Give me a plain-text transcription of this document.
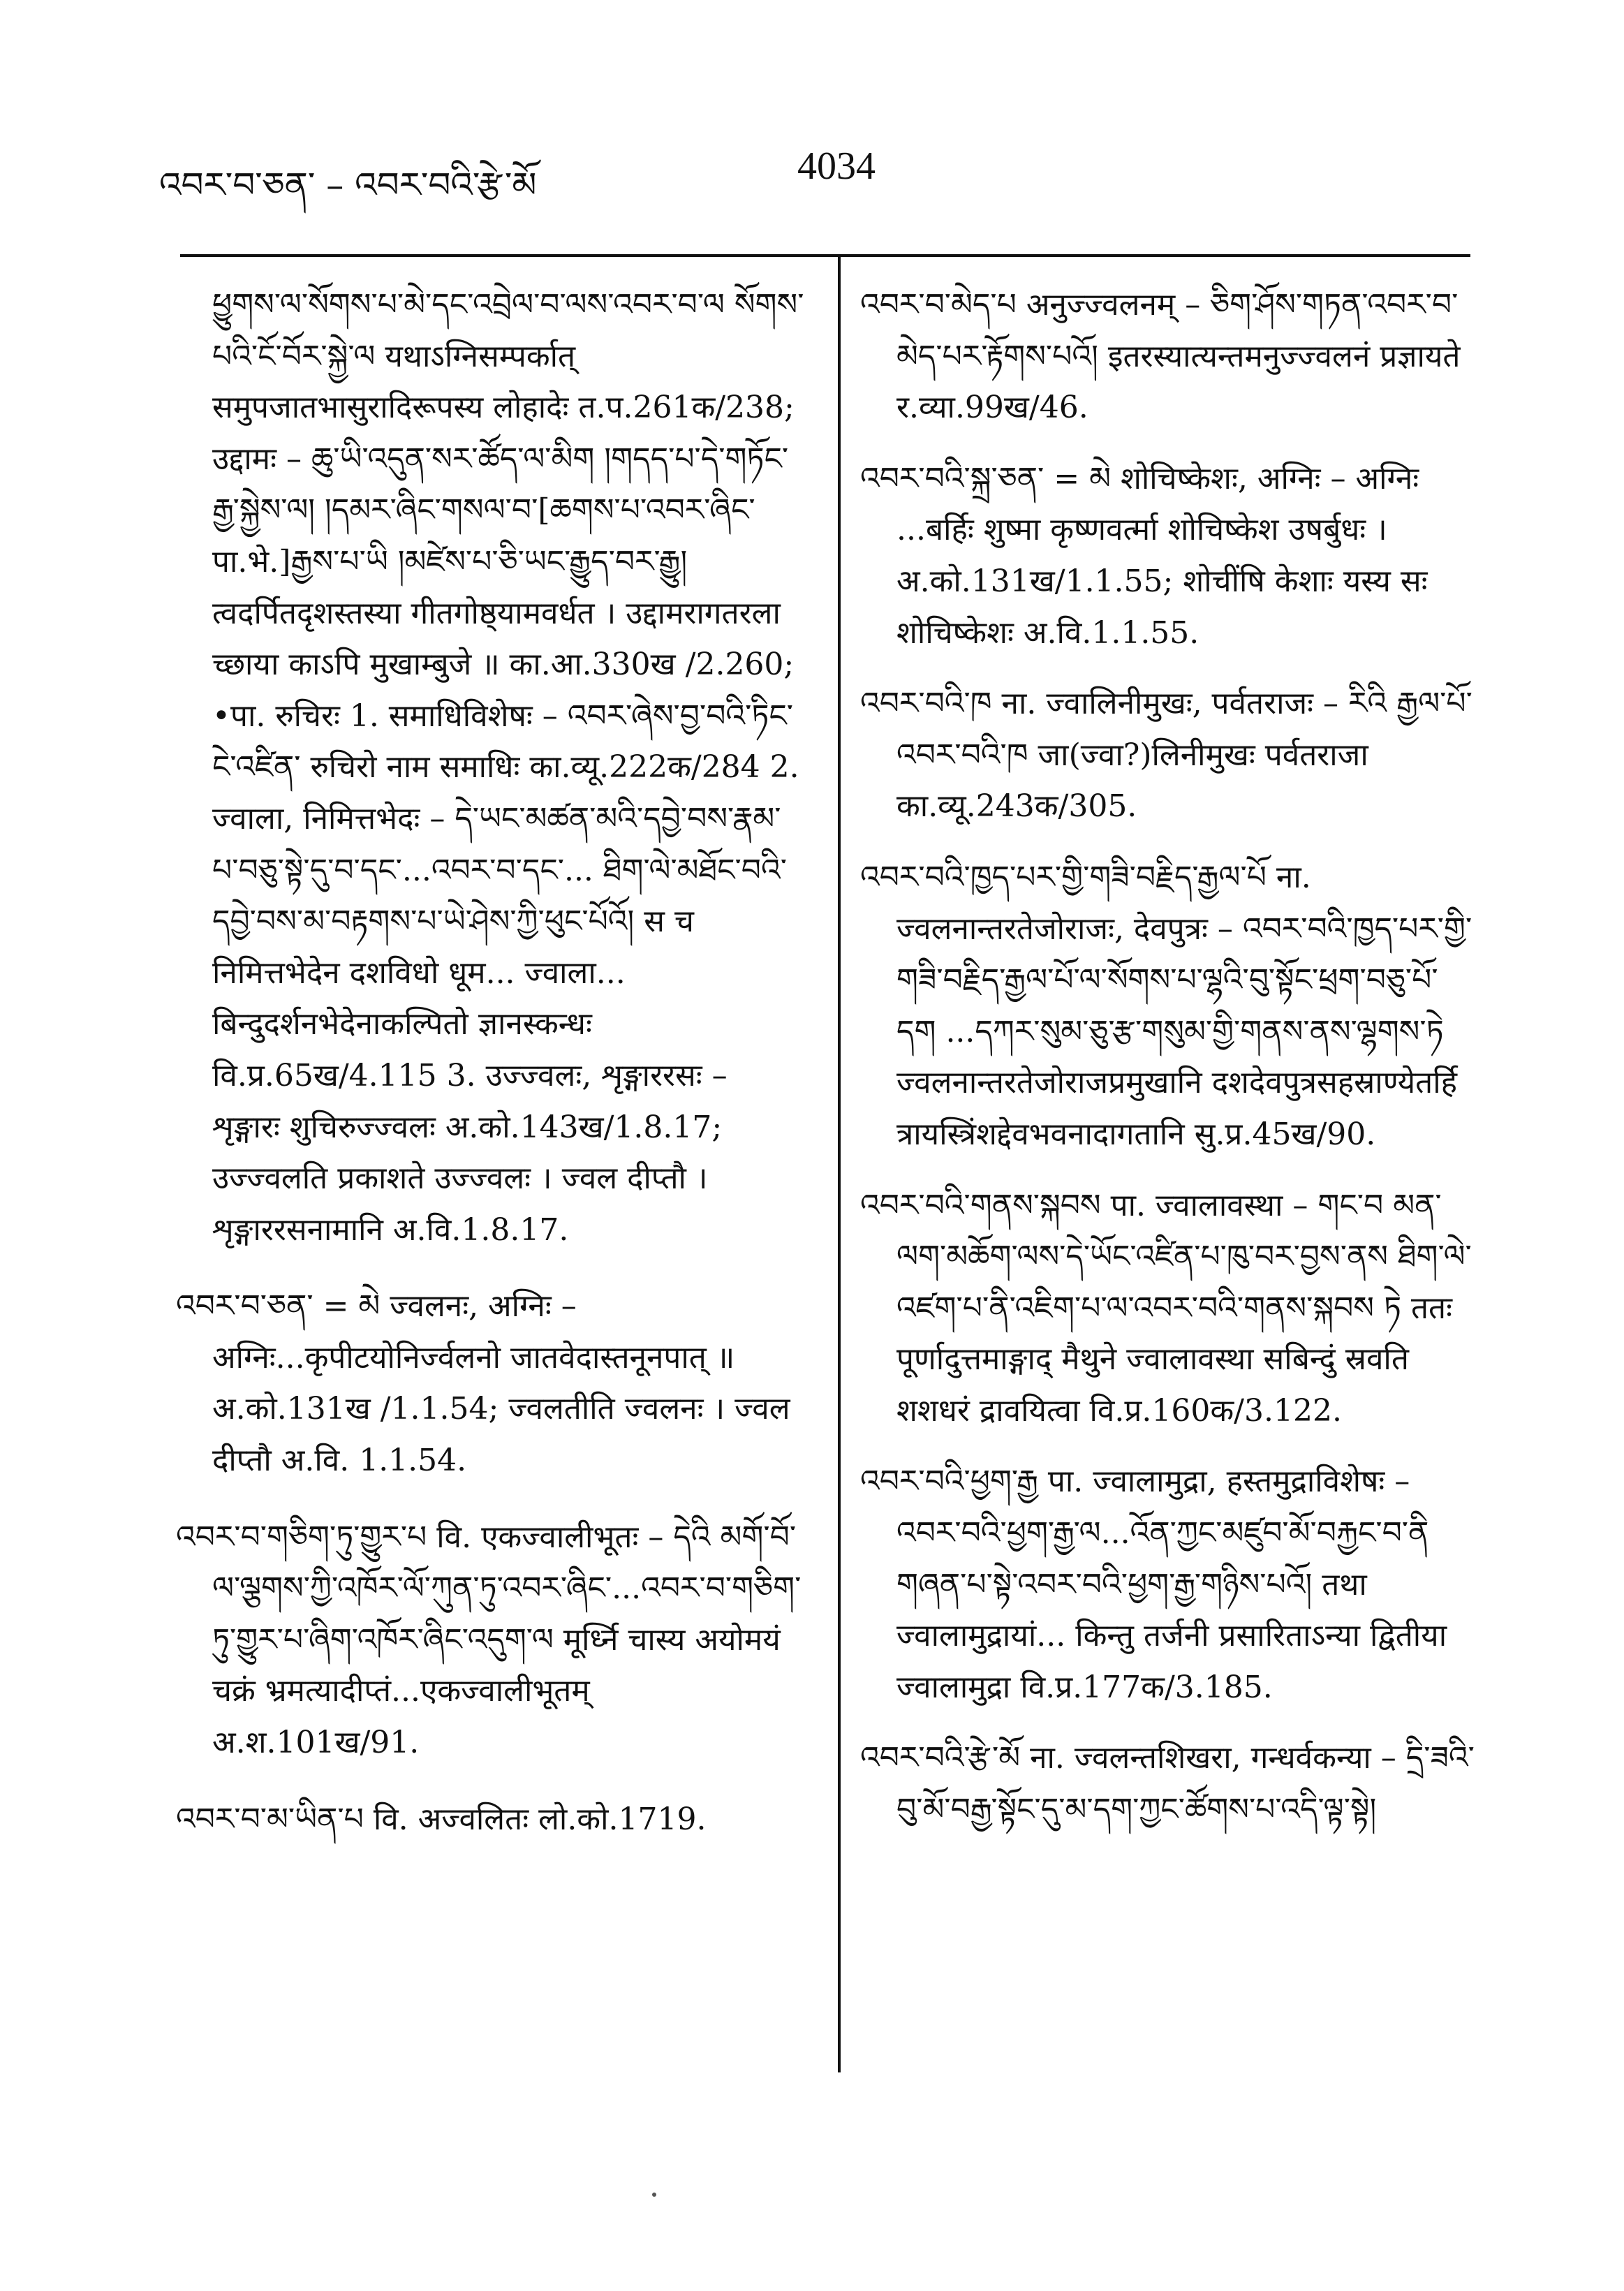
འབར་བ་ཅན་ – འབར་བའི་རྩེ་མོ	4034

ཕྱུགས་ལ་སོགས་པ་མེ་དང་འབྲེལ་བ་ལས་འབར་བ་ལ སོགས་པའི་ངོ་བོར་སྐྱེ་ལ यथाऽग्निसम्पर्कात् समुपजातभासुरादिरूपस्य लोहादेः त.प.261क/238; उद्दामः – ཆུ་ཡི་འདུན་སར་ཚོད་ལ་མིག །གདད་པ་དེ་གཏོང་རྒྱ་སྐྱེས་ལ། །དམར་ཞིང་གསལ་བ་[ཆགས་པ་འབར་ཞིང་ पा.भे.]རྒྱས་པ་ཡི །མཛེས་པ་ཅི་ཡང་རྒྱུད་བར་རྒྱུ། त्वदर्पितदृशस्तस्या गीतगोष्ठ्यामवर्धत । उद्दामरागतरला च्छाया काऽपि मुखाम्बुजे ॥ का.आ.330ख /2.260; •पा. रुचिरः 1. समाधिविशेषः – འབར་ཞེས་བྱ་བའི་ཏིང་ངེ་འཛིན་ रुचिरो नाम समाधिः का.व्यू.222क/284 2. ज्वाला, निमित्तभेदः – དེ་ཡང་མཚན་མའི་དབྱེ་བས་རྣམ་པ་བཅུ་སྟེ་དུ་བ་དང་...འབར་བ་དང་... ཐིག་ལེ་མཐོང་བའི་དབྱེ་བས་མ་བརྟགས་པ་ཡེ་ཤེས་ཀྱི་ཕུང་པོའོ། स च निमित्तभेदेन दशविधो धूम... ज्वाला... बिन्दुदर्शनभेदेनाकल्पितो ज्ञानस्कन्धः वि.प्र.65ख/4.115 3. उज्ज्वलः, शृङ्गाररसः – शृङ्गारः शुचिरुज्ज्वलः अ.को.143ख/1.8.17; उज्ज्वलति प्रकाशते उज्ज्वलः । ज्वल दीप्तौ । शृङ्गाररसनामानि अ.वि.1.8.17.

འབར་བ་ཅན་ = མེ ज्वलनः, अग्निः – अग्निः...कृपीटयोनिर्ज्वलनो जातवेदास्तनूनपात् ॥ अ.को.131ख /1.1.54; ज्वलतीति ज्वलनः । ज्वल दीप्तौ अ.वि. 1.1.54.

འབར་བ་གཅིག་ཏུ་གྱུར་པ वि. एकज्वालीभूतः – དེའི མགོ་བོ་ལ་ལྕགས་ཀྱི་འཁོར་ལོ་ཀུན་ཏུ་འབར་ཞིང་...འབར་བ་གཅིག་ཏུ་གྱུར་པ་ཞིག་འཁོར་ཞིང་འདུག་ལ मूर्ध्नि चास्य अयोमयं चक्रं भ्रमत्यादीप्तं...एकज्वालीभूतम् अ.श.101ख/91.

འབར་བ་མ་ཡིན་པ वि. अज्वलितः लो.को.1719.

འབར་བ་མེད་པ अनुज्ज्वलनम् – ཅིག་ཤོས་གཏན་འབར་བ་མེད་པར་རྟོགས་པའོ། इतरस्यात्यन्तमनुज्ज्वलनं प्रज्ञायते र.व्या.99ख/46.

འབར་བའི་སྐྲ་ཅན་ = མེ शोचिष्केशः, अग्निः – अग्निः ...बर्हिः शुष्मा कृष्णवर्त्मा शोचिष्केश उषर्बुधः । अ.को.131ख/1.1.55; शोचींषि केशाः यस्य सः शोचिष्केशः अ.वि.1.1.55.

འབར་བའི་ཁ ना. ज्वालिनीमुखः, पर्वतराजः – རིའི རྒྱལ་པོ་འབར་བའི་ཁ जा(ज्वा?)लिनीमुखः पर्वतराजा का.व्यू.243क/305.

འབར་བའི་ཁྱད་པར་གྱི་གཟི་བརྗིད་རྒྱལ་པོ ना. ज्वलनान्तरतेजोराजः, देवपुत्रः – འབར་བའི་ཁྱད་པར་གྱི་གཟི་བརྗིད་རྒྱལ་པོ་ལ་སོགས་པ་ལྷའི་བུ་སྟོང་ཕྲག་བཅུ་པོ་དག ...དཀར་སུམ་ཅུ་རྩ་གསུམ་གྱི་གནས་ནས་ལྷགས་ཏེ ज्वलनान्तरतेजोराजप्रमुखानि दशदेवपुत्रसहस्राण्येतर्हि त्रायस्त्रिंशद्देवभवनादागतानि सु.प्र.45ख/90.

འབར་བའི་གནས་སྐབས पा. ज्वालावस्था – གང་བ མན་ལག་མཆོག་ལས་དེ་ཡོང་འཛིན་པ་ཁུ་བར་བྱས་ནས ཐིག་ལེ་འཛག་པ་ནི་འཇིག་པ་ལ་འབར་བའི་གནས་སྐབས ཏེ ततः पूर्णादुत्तमाङ्गाद् मैथुने ज्वालावस्था सबिन्दुं स्रवति शशधरं द्रावयित्वा वि.प्र.160क/3.122.

འབར་བའི་ཕྱག་རྒྱ पा. ज्वालामुद्रा, हस्तमुद्राविशेषः – འབར་བའི་ཕྱག་རྒྱ་ལ...འོན་ཀྱང་མཛུབ་མོ་བརྐྱང་བ་ནི གཞན་པ་སྟེ་འབར་བའི་ཕྱག་རྒྱ་གཉིས་པའོ། तथा ज्वालामुद्रायां... किन्तु तर्जनी प्रसारिताऽन्या द्वितीया ज्वालामुद्रा वि.प्र.177क/3.185.

འབར་བའི་རྩེ་མོ ना. ज्वलन्तशिखरा, गन्धर्वकन्या – དྲི་ཟའི་བུ་མོ་བརྒྱ་སྟོང་དུ་མ་དག་ཀྱང་ཚོགས་པ་འདི་ལྟ་སྟེ།
